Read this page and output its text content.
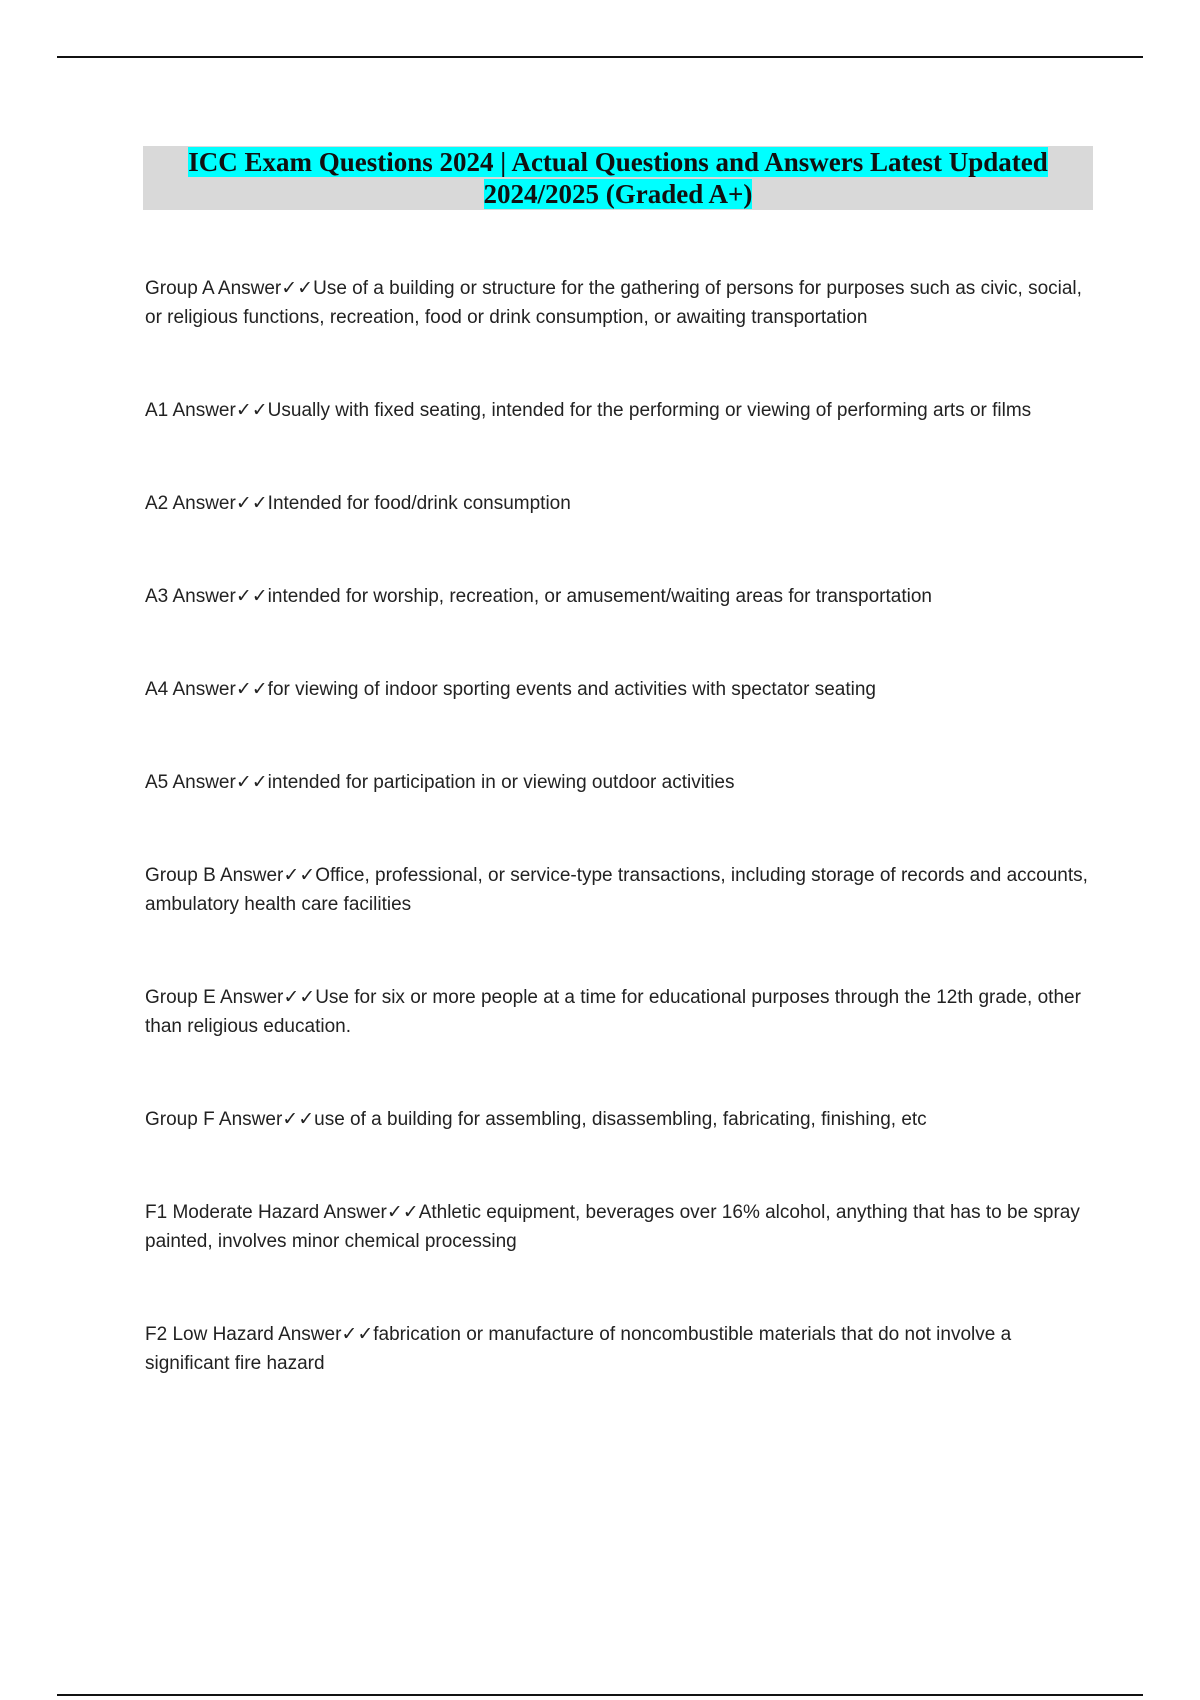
ICC Exam Questions 2024 | Actual Questions and Answers Latest Updated
2024/2025 (Graded A+)

Group A Answer✓✓Use of a building or structure for the gathering of persons for purposes such as civic, social, or religious functions, recreation, food or drink consumption, or awaiting transportation

A1 Answer✓✓Usually with fixed seating, intended for the performing or viewing of performing arts or films

A2 Answer✓✓Intended for food/drink consumption

A3 Answer✓✓intended for worship, recreation, or amusement/waiting areas for transportation

A4 Answer✓✓for viewing of indoor sporting events and activities with spectator seating

A5 Answer✓✓intended for participation in or viewing outdoor activities

Group B Answer✓✓Office, professional, or service-type transactions, including storage of records and accounts, ambulatory health care facilities

Group E Answer✓✓Use for six or more people at a time for educational purposes through the 12th grade, other than religious education.

Group F Answer✓✓use of a building for assembling, disassembling, fabricating, finishing, etc

F1 Moderate Hazard Answer✓✓Athletic equipment, beverages over 16% alcohol, anything that has to be spray painted, involves minor chemical processing

F2 Low Hazard Answer✓✓fabrication or manufacture of noncombustible materials that do not involve a significant fire hazard
